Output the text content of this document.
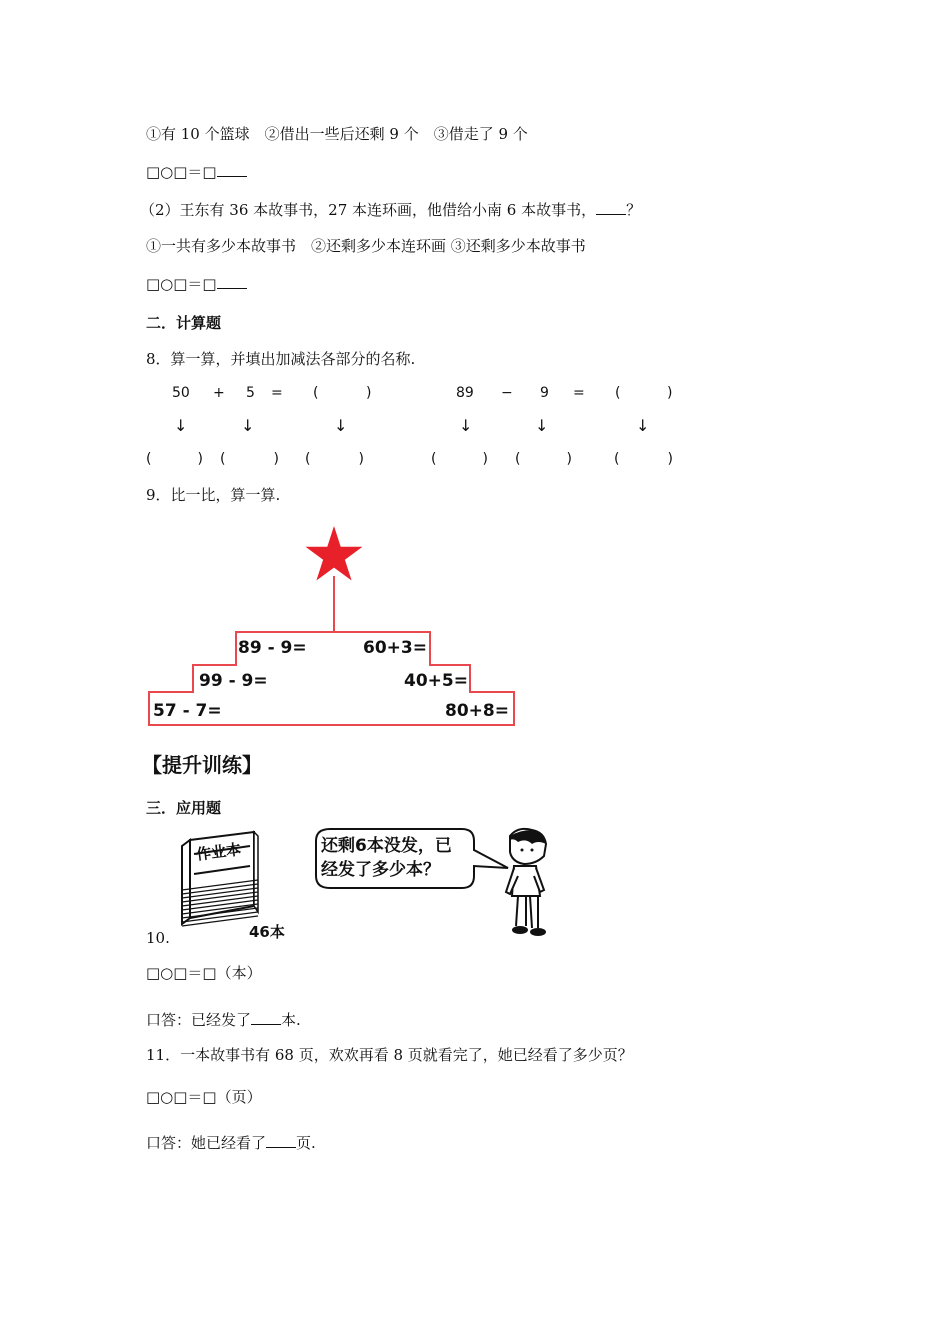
①有 10 个篮球　②借出一些后还剩 9 个　③借走了 9 个
□○□＝□
（2）王东有 36 本故事书，27 本连环画，他借给小南 6 本故事书， ？
①一共有多少本故事书　②还剩多少本连环画 ③还剩多少本故事书
□○□＝□
二．计算题
8．算一算，并填出加减法各部分的名称.
50 + 5 = (	)	89 − 9 = (	)
↓	↓	↓	↓	↓	↓
(	) (	) (	)	(	) (	)	(	)
9．比一比，算一算.
89 - 9=	60+3=
99 - 9=	40+5=
57 - 7=	80+8=
【提升训练】
三．应用题
作业本
46本
10.
还剩6本没发，已
经发了多少本？
□○□＝□（本）
口答：已经发了 本.
11．一本故事书有 68 页，欢欢再看 8 页就看完了，她已经看了多少页？
□○□＝□（页）
口答：她已经看了 页.
